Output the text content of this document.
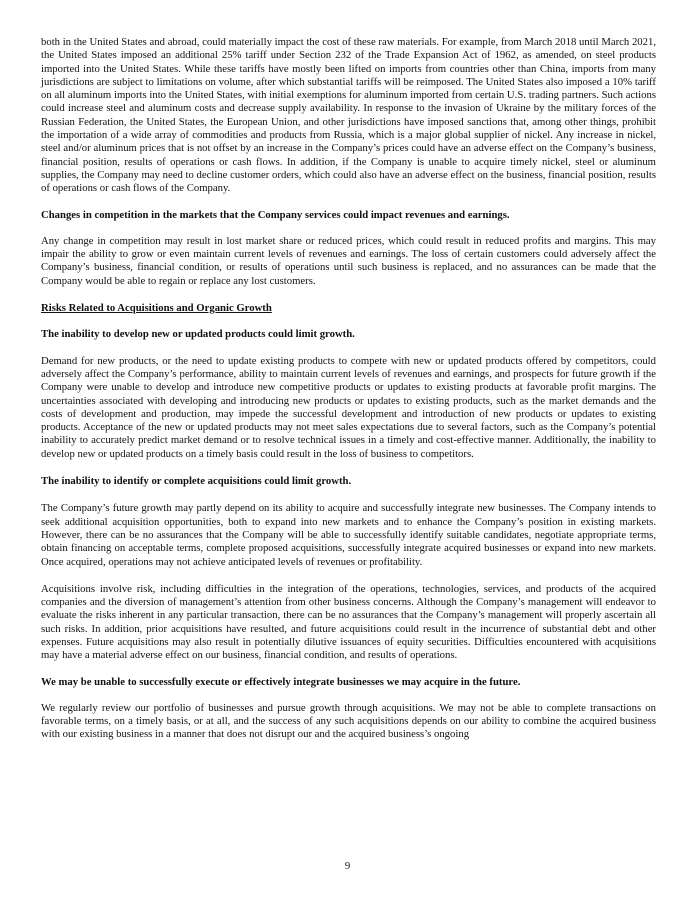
both in the United States and abroad, could materially impact the cost of these raw materials. For example, from March 2018 until March 2021, the United States imposed an additional 25% tariff under Section 232 of the Trade Expansion Act of 1962, as amended, on steel products imported into the United States. While these tariffs have mostly been lifted on imports from countries other than China, imports from many jurisdictions are subject to limitations on volume, after which substantial tariffs will be reimposed. The United States also imposed a 10% tariff on all aluminum imports into the United States, with initial exemptions for aluminum imported from certain U.S. trading partners. Such actions could increase steel and aluminum costs and decrease supply availability. In response to the invasion of Ukraine by the military forces of the Russian Federation, the United States, the European Union, and other jurisdictions have imposed sanctions that, among other things, prohibit the importation of a wide array of commodities and products from Russia, which is a major global supplier of nickel. Any increase in nickel, steel and/or aluminum prices that is not offset by an increase in the Company’s prices could have an adverse effect on the Company’s business, financial position, results of operations or cash flows. In addition, if the Company is unable to acquire timely nickel, steel or aluminum supplies, the Company may need to decline customer orders, which could also have an adverse effect on the business, financial position, results of operations or cash flows of the Company.

Changes in competition in the markets that the Company services could impact revenues and earnings.

Any change in competition may result in lost market share or reduced prices, which could result in reduced profits and margins. This may impair the ability to grow or even maintain current levels of revenues and earnings. The loss of certain customers could adversely affect the Company’s business, financial condition, or results of operations until such business is replaced, and no assurances can be made that the Company would be able to regain or replace any lost customers.

Risks Related to Acquisitions and Organic Growth
The inability to develop new or updated products could limit growth.

Demand for new products, or the need to update existing products to compete with new or updated products offered by competitors, could adversely affect the Company’s performance, ability to maintain current levels of revenues and earnings, and prospects for future growth if the Company were unable to develop and introduce new competitive products or updates to existing products at favorable profit margins. The uncertainties associated with developing and introducing new products or updates to existing products, such as the market demands and the costs of development and production, may impede the successful development and introduction of new products or updates to existing products. Acceptance of the new or updated products may not meet sales expectations due to several factors, such as the Company’s potential inability to accurately predict market demand or to resolve technical issues in a timely and cost-effective manner. Additionally, the inability to develop new or updated products on a timely basis could result in the loss of business to competitors.

The inability to identify or complete acquisitions could limit growth.

The Company’s future growth may partly depend on its ability to acquire and successfully integrate new businesses. The Company intends to seek additional acquisition opportunities, both to expand into new markets and to enhance the Company’s position in existing markets. However, there can be no assurances that the Company will be able to successfully identify suitable candidates, negotiate appropriate terms, obtain financing on acceptable terms, complete proposed acquisitions, successfully integrate acquired businesses or expand into new markets. Once acquired, operations may not achieve anticipated levels of revenues or profitability.

Acquisitions involve risk, including difficulties in the integration of the operations, technologies, services, and products of the acquired companies and the diversion of management’s attention from other business concerns. Although the Company’s management will endeavor to evaluate the risks inherent in any particular transaction, there can be no assurances that the Company’s management will properly ascertain all such risks. In addition, prior acquisitions have resulted, and future acquisitions could result in the incurrence of substantial debt and other expenses. Future acquisitions may also result in potentially dilutive issuances of equity securities. Difficulties encountered with acquisitions may have a material adverse effect on our business, financial condition, and results of operations.

We may be unable to successfully execute or effectively integrate businesses we may acquire in the future.

We regularly review our portfolio of businesses and pursue growth through acquisitions. We may not be able to complete transactions on favorable terms, on a timely basis, or at all, and the success of any such acquisitions depends on our ability to combine the acquired business with our existing business in a manner that does not disrupt our and the acquired business’s ongoing

9
